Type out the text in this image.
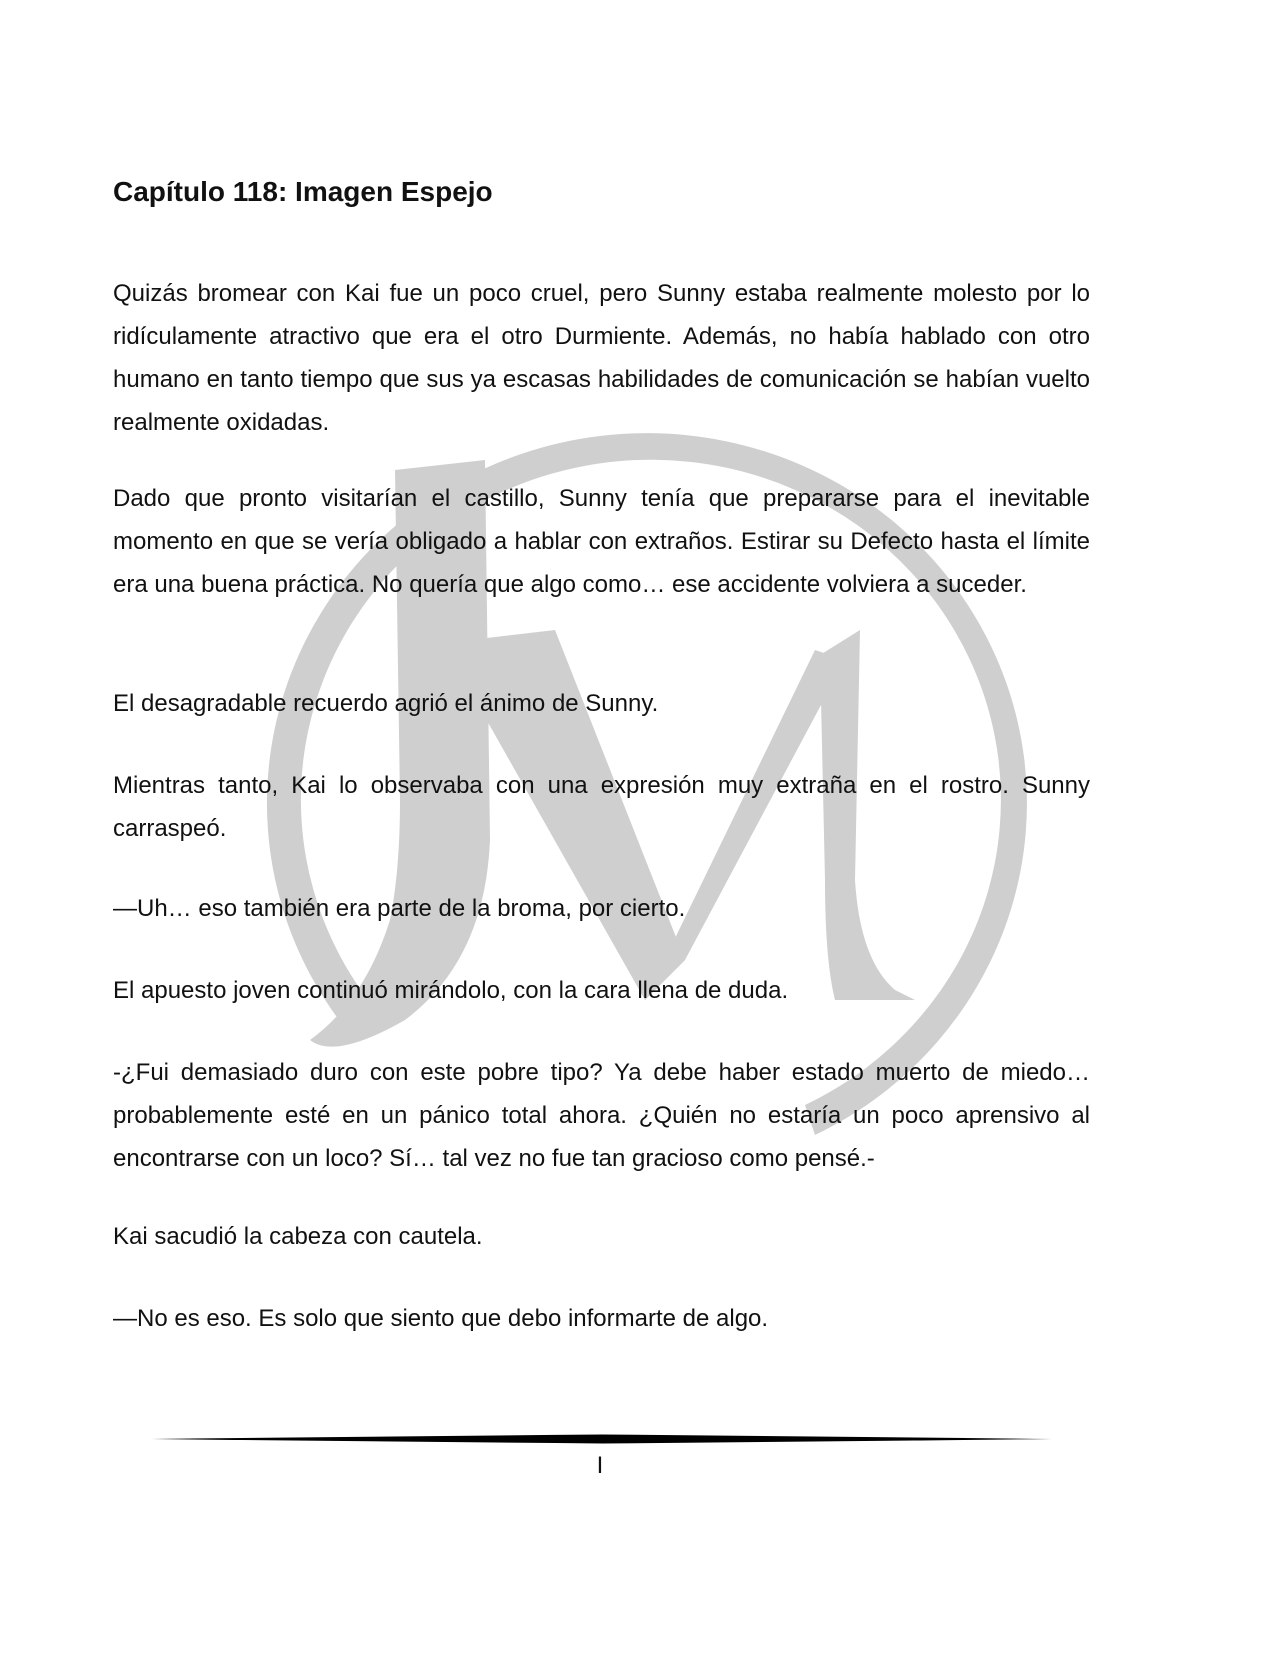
Capítulo 118: Imagen Espejo

Quizás bromear con Kai fue un poco cruel, pero Sunny estaba realmente molesto por lo ridículamente atractivo que era el otro Durmiente. Además, no había hablado con otro humano en tanto tiempo que sus ya escasas habilidades de comunicación se habían vuelto realmente oxidadas.

Dado que pronto visitarían el castillo, Sunny tenía que prepararse para el inevitable momento en que se vería obligado a hablar con extraños. Estirar su Defecto hasta el límite era una buena práctica. No quería que algo como… ese accidente volviera a suceder.

El desagradable recuerdo agrió el ánimo de Sunny.

Mientras tanto, Kai lo observaba con una expresión muy extraña en el rostro. Sunny carraspeó.

—Uh… eso también era parte de la broma, por cierto.

El apuesto joven continuó mirándolo, con la cara llena de duda.

-¿Fui demasiado duro con este pobre tipo? Ya debe haber estado muerto de miedo… probablemente esté en un pánico total ahora. ¿Quién no estaría un poco aprensivo al encontrarse con un loco? Sí… tal vez no fue tan gracioso como pensé.-

Kai sacudió la cabeza con cautela.

—No es eso. Es solo que siento que debo informarte de algo.

I
